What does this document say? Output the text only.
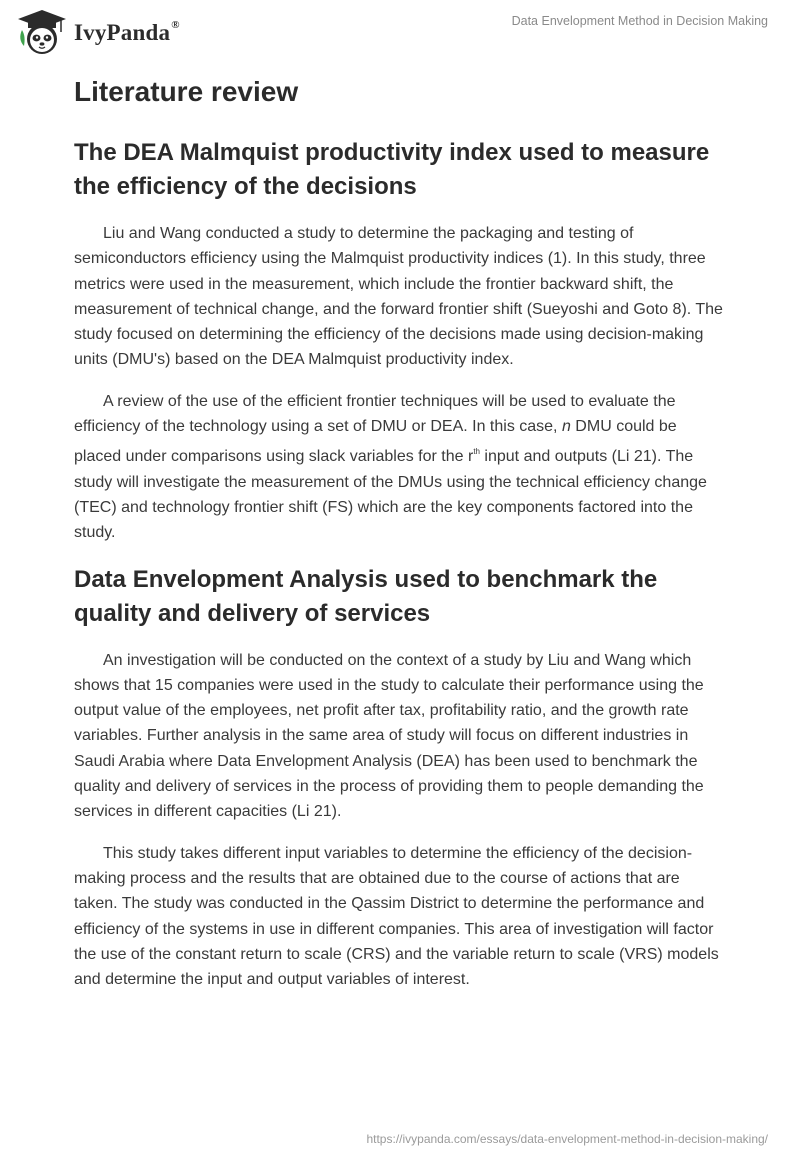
IvyPanda®	Data Envelopment Method in Decision Making
Literature review
The DEA Malmquist productivity index used to measure the efficiency of the decisions

Liu and Wang conducted a study to determine the packaging and testing of semiconductors efficiency using the Malmquist productivity indices (1). In this study, three metrics were used in the measurement, which include the frontier backward shift, the measurement of technical change, and the forward frontier shift (Sueyoshi and Goto 8). The study focused on determining the efficiency of the decisions made using decision-making units (DMU's) based on the DEA Malmquist productivity index.

A review of the use of the efficient frontier techniques will be used to evaluate the efficiency of the technology using a set of DMU or DEA. In this case, n DMU could be placed under comparisons using slack variables for the $r^{th}$ input and outputs (Li 21). The study will investigate the measurement of the DMUs using the technical efficiency change (TEC) and technology frontier shift (FS) which are the key components factored into the study.

Data Envelopment Analysis used to benchmark the quality and delivery of services

An investigation will be conducted on the context of a study by Liu and Wang which shows that 15 companies were used in the study to calculate their performance using the output value of the employees, net profit after tax, profitability ratio, and the growth rate variables. Further analysis in the same area of study will focus on different industries in Saudi Arabia where Data Envelopment Analysis (DEA) has been used to benchmark the quality and delivery of services in the process of providing them to people demanding the services in different capacities (Li 21).

This study takes different input variables to determine the efficiency of the decision-making process and the results that are obtained due to the course of actions that are taken. The study was conducted in the Qassim District to determine the performance and efficiency of the systems in use in different companies. This area of investigation will factor the use of the constant return to scale (CRS) and the variable return to scale (VRS) models and determine the input and output variables of interest.

https://ivypanda.com/essays/data-envelopment-method-in-decision-making/
